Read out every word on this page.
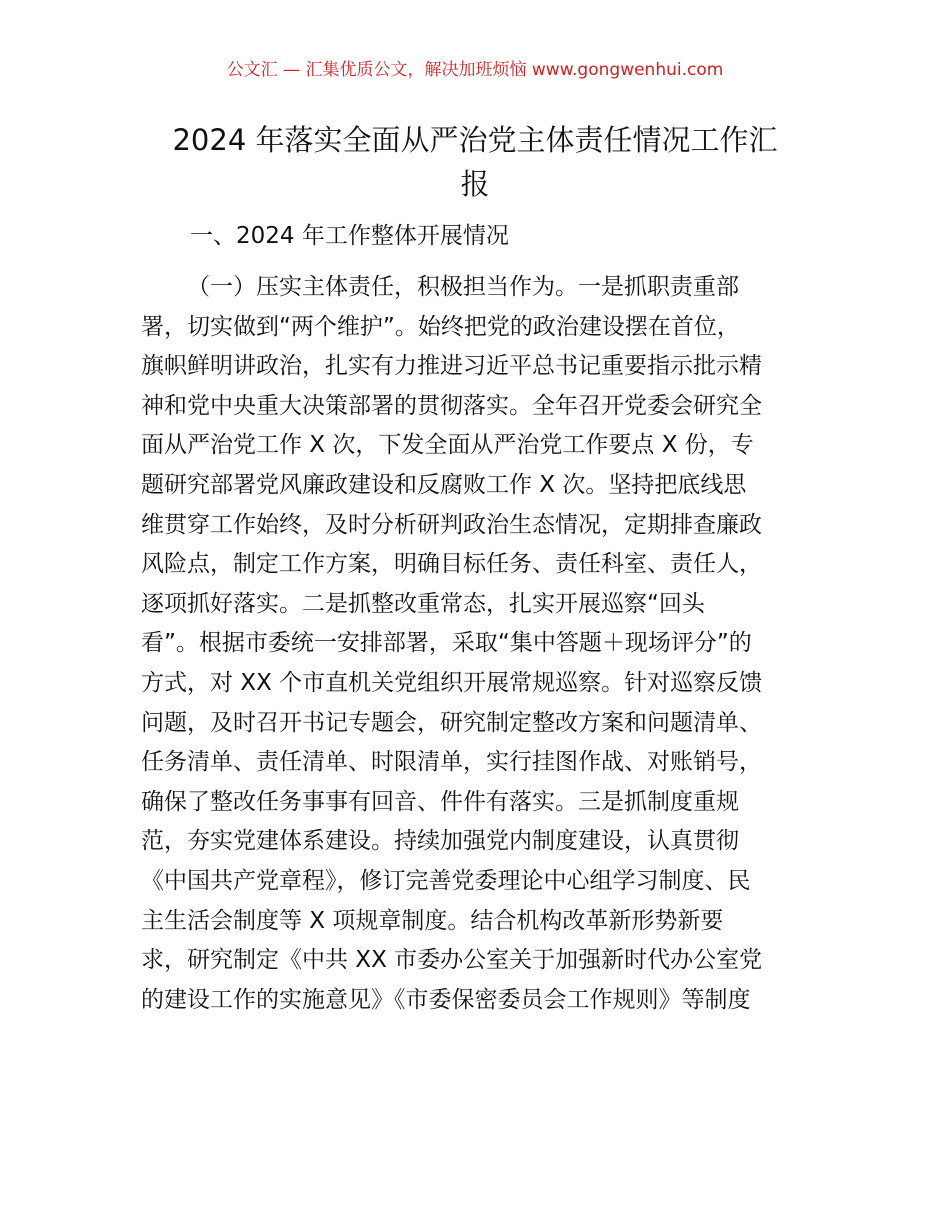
公文汇 — 汇集优质公文，解决加班烦恼 www.gongwenhui.com
2024 年落实全面从严治党主体责任情况工作汇
报
一、2024 年工作整体开展情况
（一）压实主体责任，积极担当作为。一是抓职责重部
署，切实做到“两个维护”。始终把党的政治建设摆在首位，
旗帜鲜明讲政治，扎实有力推进习近平总书记重要指示批示精
神和党中央重大决策部署的贯彻落实。全年召开党委会研究全
面从严治党工作 X 次，下发全面从严治党工作要点 X 份，专
题研究部署党风廉政建设和反腐败工作 X 次。坚持把底线思
维贯穿工作始终，及时分析研判政治生态情况，定期排查廉政
风险点，制定工作方案，明确目标任务、责任科室、责任人，
逐项抓好落实。二是抓整改重常态，扎实开展巡察“回头
看”。根据市委统一安排部署，采取“集中答题＋现场评分”的
方式，对 XX 个市直机关党组织开展常规巡察。针对巡察反馈
问题，及时召开书记专题会，研究制定整改方案和问题清单、
任务清单、责任清单、时限清单，实行挂图作战、对账销号，
确保了整改任务事事有回音、件件有落实。三是抓制度重规
范，夯实党建体系建设。持续加强党内制度建设，认真贯彻
《中国共产党章程》，修订完善党委理论中心组学习制度、民
主生活会制度等 X 项规章制度。结合机构改革新形势新要
求，研究制定《中共 XX 市委办公室关于加强新时代办公室党
的建设工作的实施意见》《市委保密委员会工作规则》等制度
